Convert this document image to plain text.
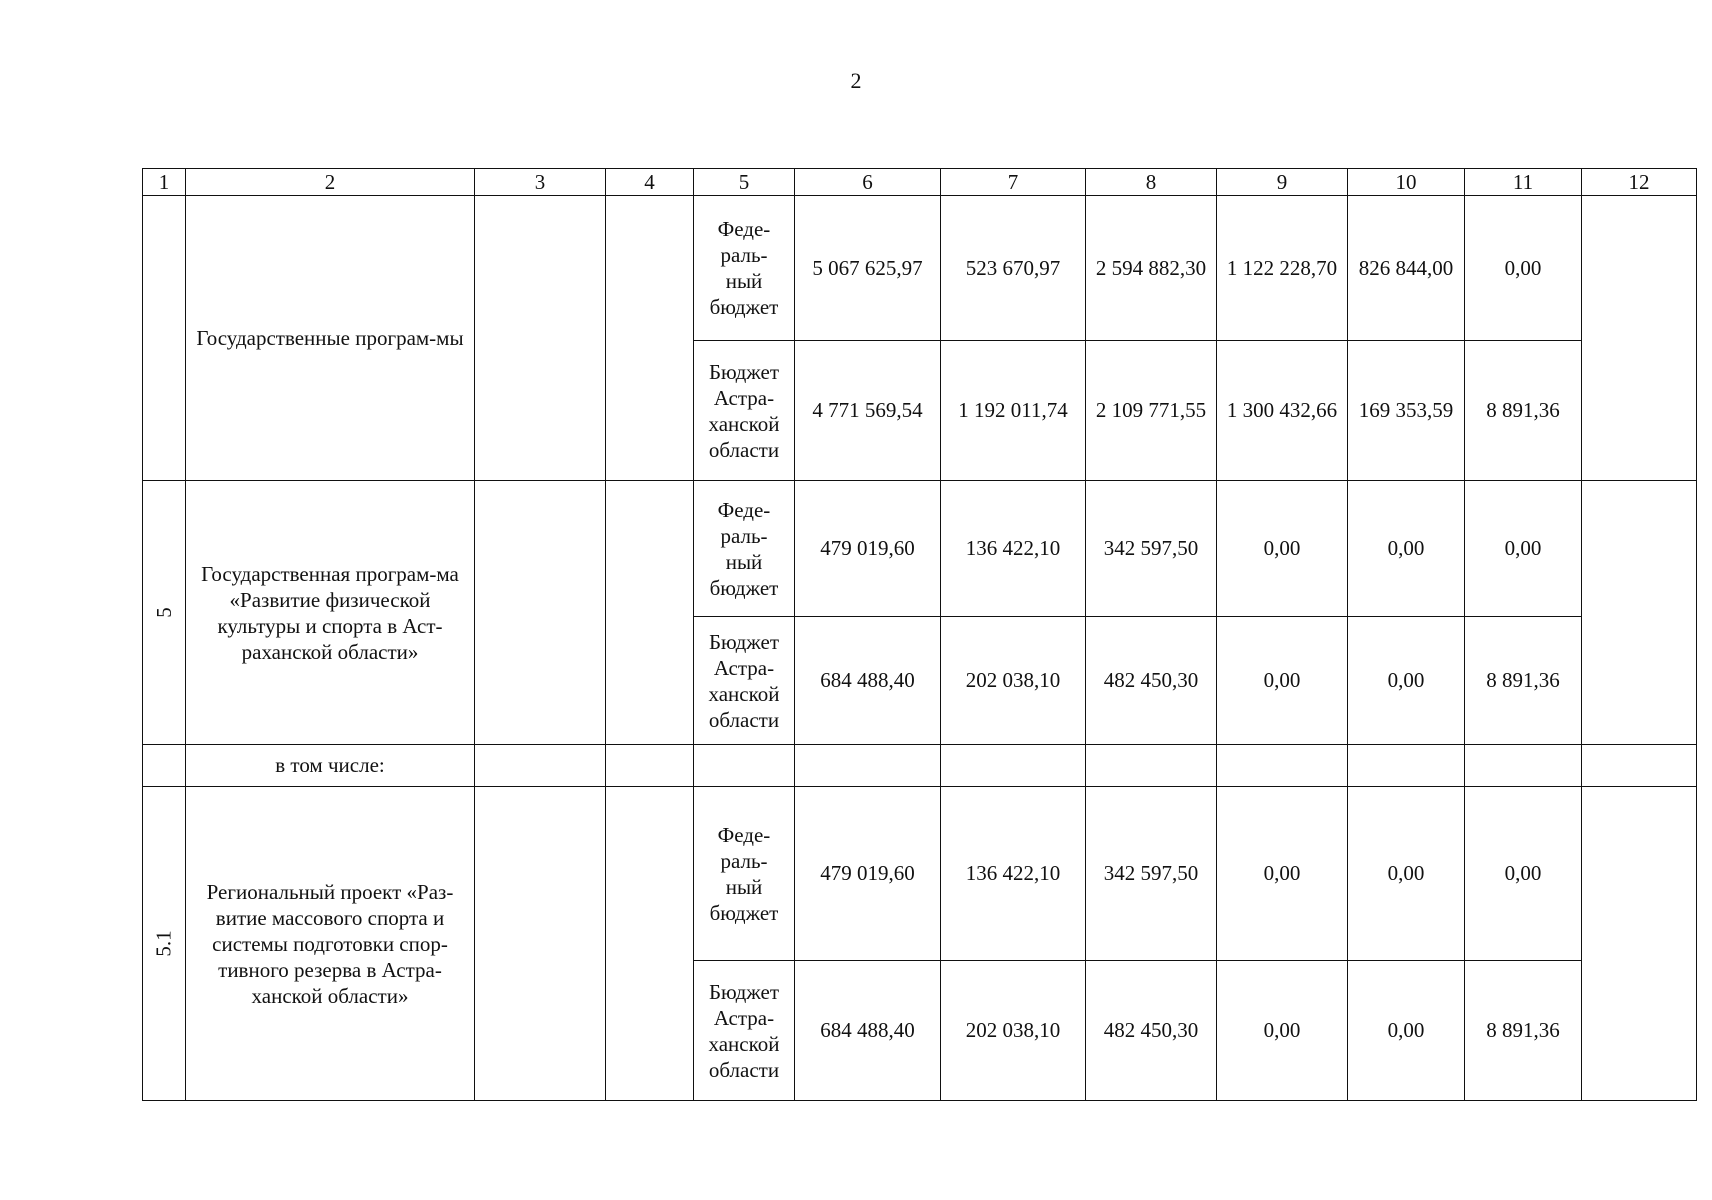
2
1	2	3	4	5	6	7	8	9	10	11	12
	Государственные програм-мы			Феде-
раль-
ный
бюджет	5 067 625,97	523 670,97	2 594 882,30	1 122 228,70	826 844,00	0,00	

				Бюджет
Астра-
ханской
области	4 771 569,54	1 192 011,74	2 109 771,55	1 300 432,66	169 353,59	8 891,36	
5	Государственная програм-ма «Развитие физической культуры и спорта в Аст-раханской области»			Феде-
раль-
ный
бюджет	479 019,60	136 422,10	342 597,50	0,00	0,00	0,00	

				Бюджет
Астра-
ханской
области	684 488,40	202 038,10	482 450,30	0,00	0,00	8 891,36	
	в том числе:										
5.1	Региональный проект «Раз-витие массового спорта и системы подготовки спор-тивного резерва в Астра-ханской области»			Феде-
раль-
ный
бюджет	479 019,60	136 422,10	342 597,50	0,00	0,00	0,00	

				Бюджет
Астра-
ханской
области	684 488,40	202 038,10	482 450,30	0,00	0,00	8 891,36	
